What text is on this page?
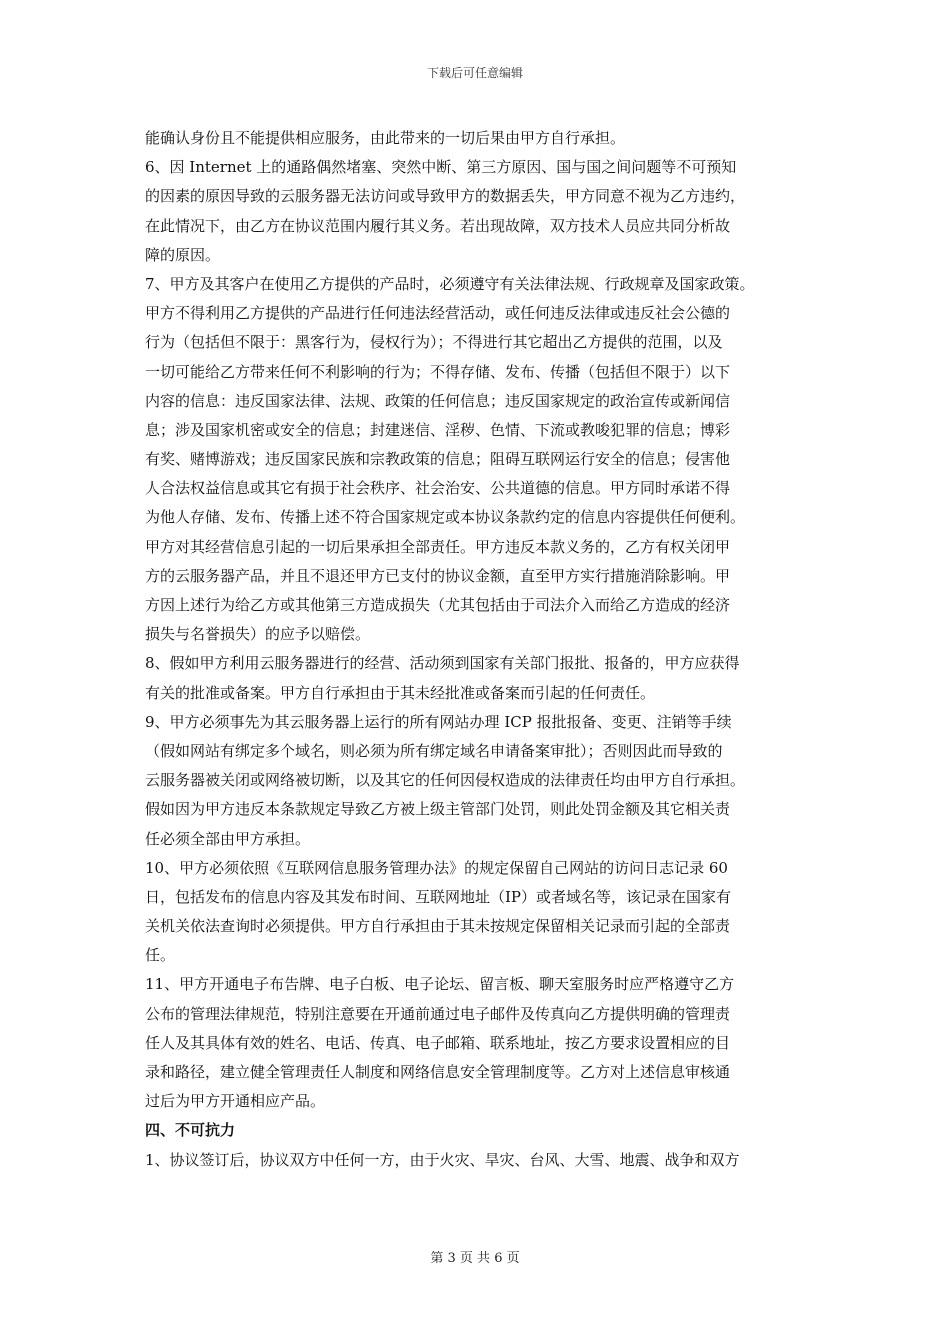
下载后可任意编辑
能确认身份且不能提供相应服务，由此带来的一切后果由甲方自行承担。
6、因 Internet 上的通路偶然堵塞、突然中断、第三方原因、国与国之间问题等不可预知
的因素的原因导致的云服务器无法访问或导致甲方的数据丢失，甲方同意不视为乙方违约，
在此情况下，由乙方在协议范围内履行其义务。若出现故障，双方技术人员应共同分析故
障的原因。
7、甲方及其客户在使用乙方提供的产品时，必须遵守有关法律法规、行政规章及国家政策。
甲方不得利用乙方提供的产品进行任何违法经营活动，或任何违反法律或违反社会公德的
行为（包括但不限于：黑客行为，侵权行为）；不得进行其它超出乙方提供的范围，以及
一切可能给乙方带来任何不利影响的行为；不得存储、发布、传播（包括但不限于）以下
内容的信息：违反国家法律、法规、政策的任何信息；违反国家规定的政治宣传或新闻信
息；涉及国家机密或安全的信息；封建迷信、淫秽、色情、下流或教唆犯罪的信息；博彩
有奖、赌博游戏；违反国家民族和宗教政策的信息；阻碍互联网运行安全的信息；侵害他
人合法权益信息或其它有损于社会秩序、社会治安、公共道德的信息。甲方同时承诺不得
为他人存储、发布、传播上述不符合国家规定或本协议条款约定的信息内容提供任何便利。
甲方对其经营信息引起的一切后果承担全部责任。甲方违反本款义务的，乙方有权关闭甲
方的云服务器产品，并且不退还甲方已支付的协议金额，直至甲方实行措施消除影响。甲
方因上述行为给乙方或其他第三方造成损失（尤其包括由于司法介入而给乙方造成的经济
损失与名誉损失）的应予以赔偿。
8、假如甲方利用云服务器进行的经营、活动须到国家有关部门报批、报备的，甲方应获得
有关的批准或备案。甲方自行承担由于其未经批准或备案而引起的任何责任。
9、甲方必须事先为其云服务器上运行的所有网站办理 ICP 报批报备、变更、注销等手续
（假如网站有绑定多个域名，则必须为所有绑定域名申请备案审批）；否则因此而导致的
云服务器被关闭或网络被切断，以及其它的任何因侵权造成的法律责任均由甲方自行承担。
假如因为甲方违反本条款规定导致乙方被上级主管部门处罚，则此处罚金额及其它相关责
任必须全部由甲方承担。
10、甲方必须依照《互联网信息服务管理办法》的规定保留自己网站的访问日志记录 60
日，包括发布的信息内容及其发布时间、互联网地址（IP）或者域名等，该记录在国家有
关机关依法查询时必须提供。甲方自行承担由于其未按规定保留相关记录而引起的全部责
任。
11、甲方开通电子布告牌、电子白板、电子论坛、留言板、聊天室服务时应严格遵守乙方
公布的管理法律规范，特别注意要在开通前通过电子邮件及传真向乙方提供明确的管理责
任人及其具体有效的姓名、电话、传真、电子邮箱、联系地址，按乙方要求设置相应的目
录和路径，建立健全管理责任人制度和网络信息安全管理制度等。乙方对上述信息审核通
过后为甲方开通相应产品。
四、不可抗力
1、协议签订后，协议双方中任何一方，由于火灾、旱灾、台风、大雪、地震、战争和双方
第 3 页 共 6 页
